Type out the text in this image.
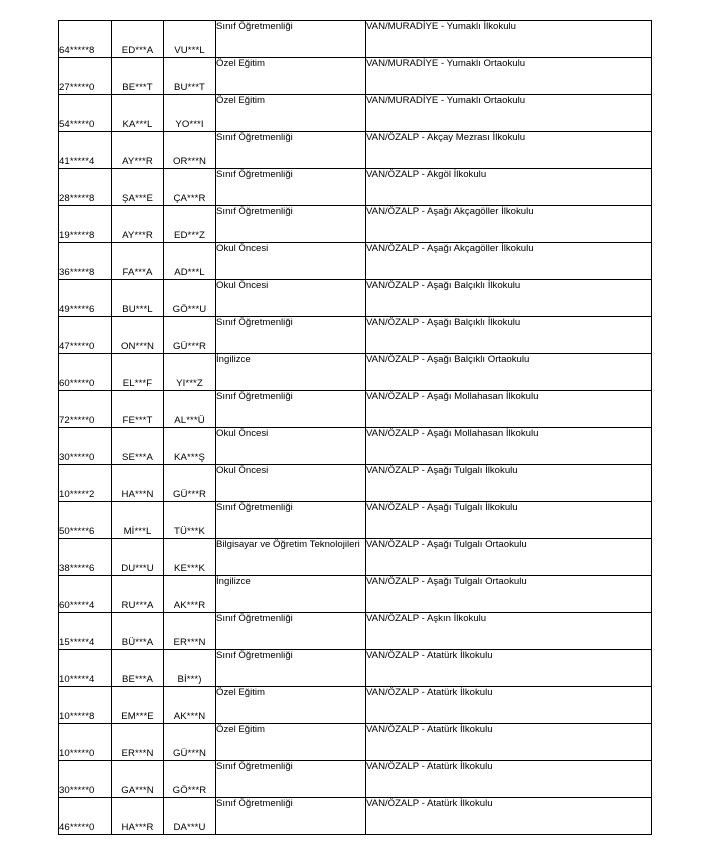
64*****8	ED***A	VU***L	Sınıf Öğretmenliği	VAN/MURADİYE - Yumaklı İlkokulu
27*****0	BE***T	BU***T	Özel Eğitim	VAN/MURADİYE - Yumaklı Ortaokulu
54*****0	KA***L	YO***I	Özel Eğitim	VAN/MURADİYE - Yumaklı Ortaokulu
41*****4	AY***R	OR***N	Sınıf Öğretmenliği	VAN/ÖZALP - Akçay Mezrası İlkokulu
28*****8	ŞA***E	ÇA***R	Sınıf Öğretmenliği	VAN/ÖZALP - Akgöl İlkokulu
19*****8	AY***R	ED***Z	Sınıf Öğretmenliği	VAN/ÖZALP - Aşağı Akçagöller İlkokulu
36*****8	FA***A	AD***L	Okul Öncesi	VAN/ÖZALP - Aşağı Akçagöller İlkokulu
49*****6	BU***L	GÖ***U	Okul Öncesi	VAN/ÖZALP - Aşağı Balçıklı İlkokulu
47*****0	ON***N	GÜ***R	Sınıf Öğretmenliği	VAN/ÖZALP - Aşağı Balçıklı İlkokulu
60*****0	EL***F	YI***Z	İngilizce	VAN/ÖZALP - Aşağı Balçıklı Ortaokulu
72*****0	FE***T	AL***Ü	Sınıf Öğretmenliği	VAN/ÖZALP - Aşağı Mollahasan İlkokulu
30*****0	SE***A	KA***Ş	Okul Öncesi	VAN/ÖZALP - Aşağı Mollahasan İlkokulu
10*****2	HA***N	GÜ***R	Okul Öncesi	VAN/ÖZALP - Aşağı Tulgalı İlkokulu
50*****6	Mİ***L	TÜ***K	Sınıf Öğretmenliği	VAN/ÖZALP - Aşağı Tulgalı İlkokulu
38*****6	DU***U	KE***K	Bilgisayar ve Öğretim Teknolojileri	VAN/ÖZALP - Aşağı Tulgalı Ortaokulu
60*****4	RU***A	AK***R	İngilizce	VAN/ÖZALP - Aşağı Tulgalı Ortaokulu
15*****4	BÜ***A	ER***N	Sınıf Öğretmenliği	VAN/ÖZALP - Aşkın İlkokulu
10*****4	BE***A	Bİ***)	Sınıf Öğretmenliği	VAN/ÖZALP - Atatürk İlkokulu
10*****8	EM***E	AK***N	Özel Eğitim	VAN/ÖZALP - Atatürk İlkokulu
10*****0	ER***N	GÜ***N	Özel Eğitim	VAN/ÖZALP - Atatürk İlkokulu
30*****0	GA***N	GÖ***R	Sınıf Öğretmenliği	VAN/ÖZALP - Atatürk İlkokulu
46*****0	HA***R	DA***U	Sınıf Öğretmenliği	VAN/ÖZALP - Atatürk İlkokulu
